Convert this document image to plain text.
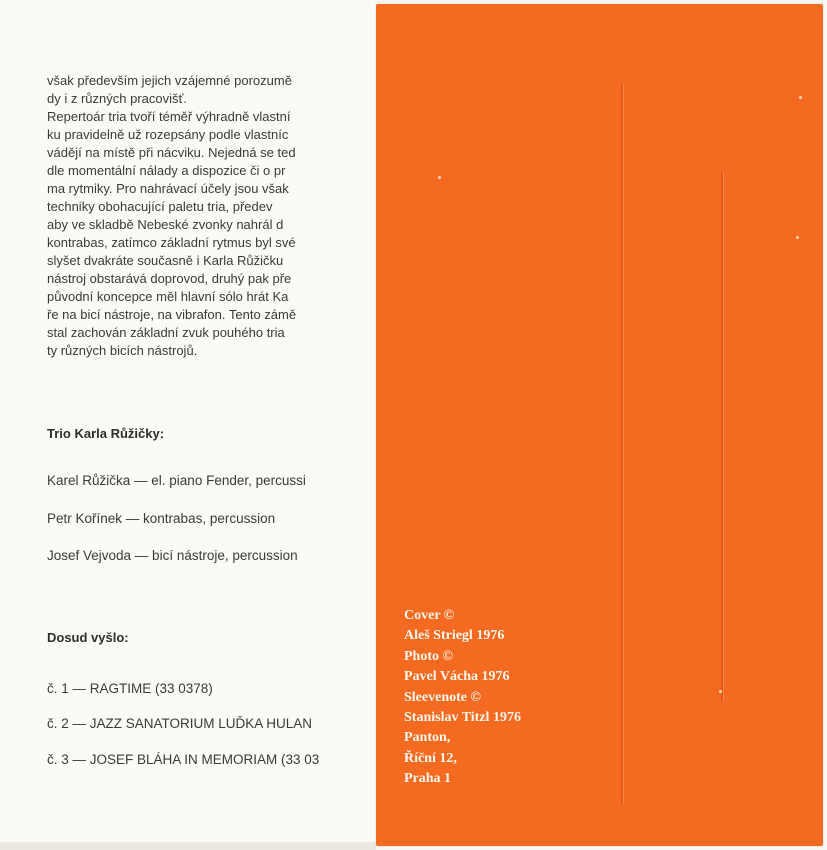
však především jejich vzájemné porozumě
dy i z různých pracovišť.
Repertoár tria tvoří téměř výhradně vlastní
ku pravidelně už rozepsány podle vlastníc
vádějí na místě při nácviku. Nejedná se ted
dle momentální nálady a dispozice či o pr
ma rytmiky. Pro nahrávací účely jsou však
techniky obohacující paletu tria, předev
aby ve skladbě Nebeské zvonky nahrál d
kontrabas, zatímco základní rytmus byl své
slyšet dvakráte současně i Karla Růžičku
nástroj obstarává doprovod, druhý pak pře
původní koncepce měl hlavní sólo hrát Ka
ře na bicí nástroje, na vibrafon. Tento zámě
stal zachován základní zvuk pouhého tria
ty různých bicích nástrojů.
Trio Karla Růžičky:
Karel Růžička — el. piano Fender, percussi
Petr Kořínek — kontrabas, percussion
Josef Vejvoda — bicí nástroje, percussion
Dosud vyšlo:
č. 1 — RAGTIME (33 0378)
č. 2 — JAZZ SANATORIUM LUĎKA HULAN
č. 3 — JOSEF BLÁHA IN MEMORIAM (33 03
Cover ©
Aleš Striegl 1976
Photo ©
Pavel Vácha 1976
Sleevenote ©
Stanislav Titzl 1976
Panton,
Říční 12,
Praha 1
